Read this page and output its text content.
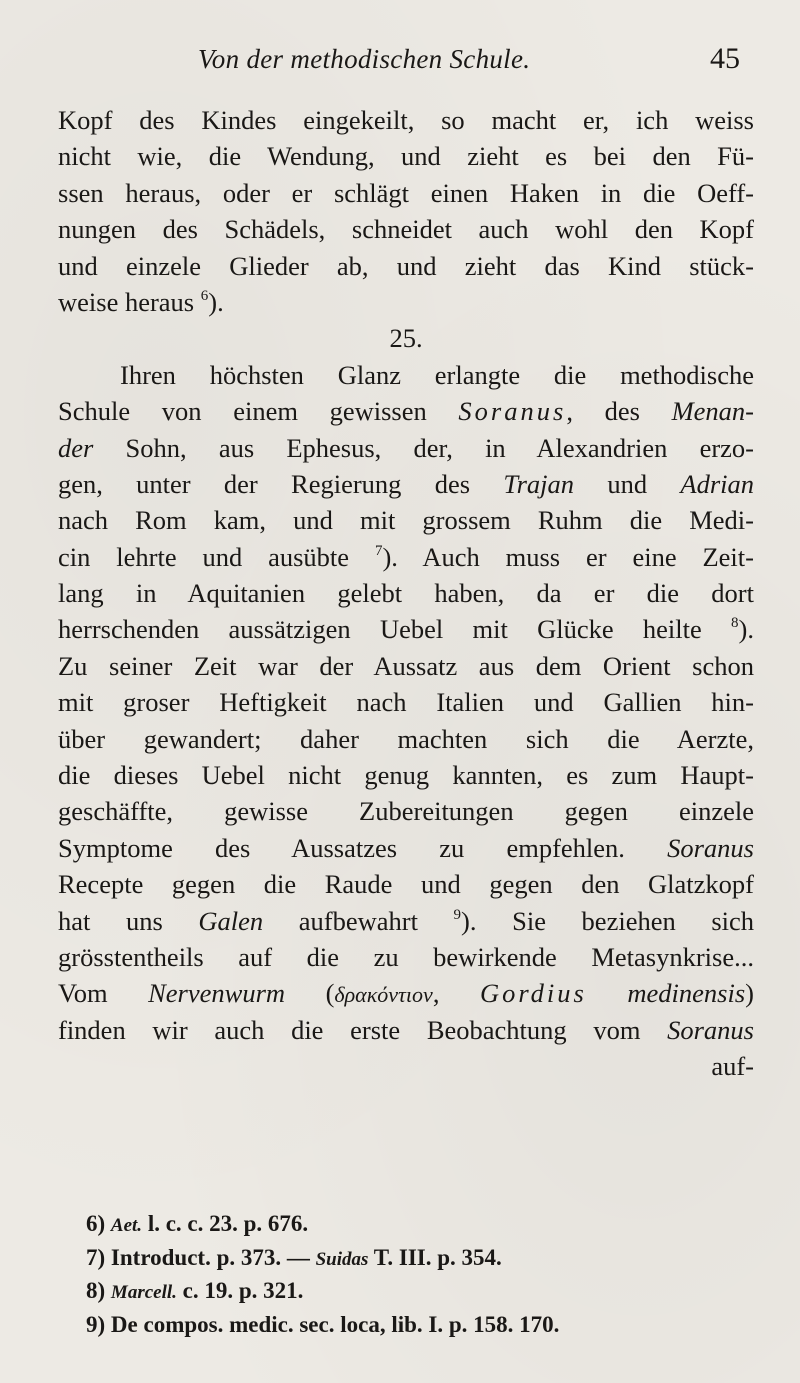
Von der methodischen Schule.	45
Kopf des Kindes eingekeilt, so macht er, ich weiss
nicht wie, die Wendung, und zieht es bei den Fü-
ssen heraus, oder er schlägt einen Haken in die Oeff-
nungen des Schädels, schneidet auch wohl den Kopf
und einzele Glieder ab, und zieht das Kind stück-
weise heraus $^6$).
25.
Ihren höchsten Glanz erlangte die methodische
Schule von einem gewissen Soranus, des Menan-
der Sohn, aus Ephesus, der, in Alexandrien erzo-
gen, unter der Regierung des Trajan und Adrian
nach Rom kam, und mit grossem Ruhm die Medi-
cin lehrte und ausübte $^7$). Auch muss er eine Zeit-
lang in Aquitanien gelebt haben, da er die dort
herrschenden aussätzigen Uebel mit Glücke heilte $^8$).
Zu seiner Zeit war der Aussatz aus dem Orient schon
mit groser Heftigkeit nach Italien und Gallien hin-
über gewandert; daher machten sich die Aerzte,
die dieses Uebel nicht genug kannten, es zum Haupt-
geschäffte, gewisse Zubereitungen gegen einzele
Symptome des Aussatzes zu empfehlen. Soranus
Recepte gegen die Raude und gegen den Glatzkopf
hat uns Galen aufbewahrt $^9$). Sie beziehen sich
grösstentheils auf die zu bewirkende Metasynkrise...
Vom Nervenwurm (δρακόντιον, Gordius medinensis)
finden wir auch die erste Beobachtung vom Soranus
auf-
6) Aet. l. c. c. 23. p. 676.
7) Introduct. p. 373. — Suidas T. III. p. 354.
8) Marcell. c. 19. p. 321.
9) De compos. medic. sec. loca, lib. I. p. 158. 170.
